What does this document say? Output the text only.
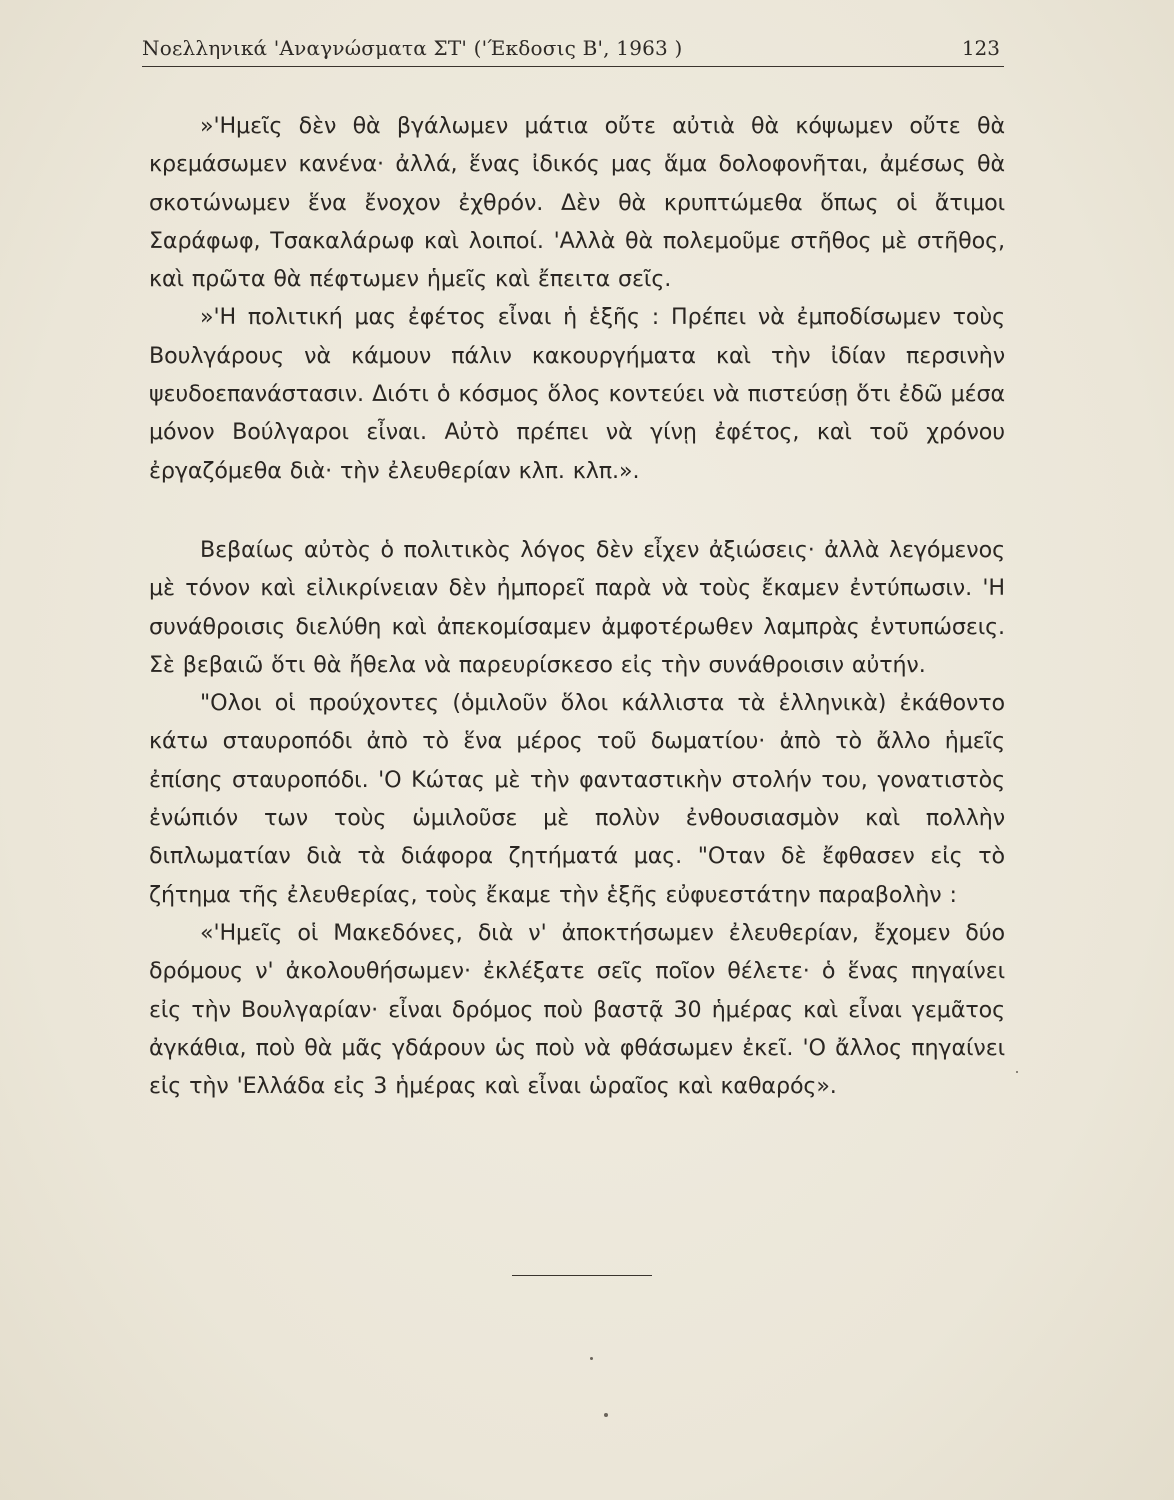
Νοελληνικά 'Αναγνώσματα ΣΤ' ('Έκδοσις Β', 1963 )	123

»'Ημεῖς δὲν θὰ βγάλωμεν μάτια οὔτε αὐτιὰ θὰ κόψωμεν οὔτε θὰ κρεμάσωμεν κανένα· ἀλλά, ἕνας ἰδικός μας ἅμα δολοφονῆται, ἀμέσως θὰ σκοτώνωμεν ἕνα ἔνοχον ἐχθρόν. Δὲν θὰ κρυπτώμεθα ὅπως οἱ ἄτιμοι Σαράφωφ, Τσακαλάρωφ καὶ λοιποί. 'Αλλὰ θὰ πολεμοῦμε στῆθος μὲ στῆθος, καὶ πρῶτα θὰ πέφτωμεν ἡμεῖς καὶ ἔπειτα σεῖς.

»'Η πολιτική μας ἐφέτος εἶναι ἡ ἑξῆς : Πρέπει νὰ ἐμποδίσωμεν τοὺς Βουλγάρους νὰ κάμουν πάλιν κακουργήματα καὶ τὴν ἰδίαν περσινὴν ψευδοεπανάστασιν. Διότι ὁ κόσμος ὅλος κοντεύει νὰ πιστεύσῃ ὅτι ἐδῶ μέσα μόνον Βούλγαροι εἶναι. Αὐτὸ πρέπει νὰ γίνῃ ἐφέτος, καὶ τοῦ χρόνου ἐργαζόμεθα διὰ· τὴν ἐλευθερίαν κλπ. κλπ.».

Βεβαίως αὐτὸς ὁ πολιτικὸς λόγος δὲν εἶχεν ἀξιώσεις· ἀλλὰ λεγόμενος μὲ τόνον καὶ εἰλικρίνειαν δὲν ἠμπορεῖ παρὰ νὰ τοὺς ἔκαμεν ἐντύπωσιν. 'Η συνάθροισις διελύθη καὶ ἀπεκομίσαμεν ἀμφοτέρωθεν λαμπρὰς ἐντυπώσεις. Σὲ βεβαιῶ ὅτι θὰ ἤθελα νὰ παρευρίσκεσο εἰς τὴν συνάθροισιν αὐτήν.

"Ολοι οἱ προύχοντες (ὁμιλοῦν ὅλοι κάλλιστα τὰ ἑλληνικὰ) ἐκάθοντο κάτω σταυροπόδι ἀπὸ τὸ ἕνα μέρος τοῦ δωματίου· ἀπὸ τὸ ἄλλο ἡμεῖς ἐπίσης σταυροπόδι. 'Ο Κώτας μὲ τὴν φανταστικὴν στολήν του, γονατιστὸς ἐνώπιόν των τοὺς ὡμιλοῦσε μὲ πολὺν ἐνθουσιασμὸν καὶ πολλὴν διπλωματίαν διὰ τὰ διάφορα ζητήματά μας. "Οταν δὲ ἔφθασεν εἰς τὸ ζήτημα τῆς ἐλευθερίας, τοὺς ἔκαμε τὴν ἑξῆς εὐφυεστάτην παραβολὴν :

«'Ημεῖς οἱ Μακεδόνες, διὰ ν' ἀποκτήσωμεν ἐλευθερίαν, ἔχομεν δύο δρόμους ν' ἀκολουθήσωμεν· ἐκλέξατε σεῖς ποῖον θέλετε· ὁ ἕνας πηγαίνει εἰς τὴν Βουλγαρίαν· εἶναι δρόμος ποὺ βαστᾷ 30 ἡμέρας καὶ εἶναι γεμᾶτος ἀγκάθια, ποὺ θὰ μᾶς γδάρουν ὡς ποὺ νὰ φθάσωμεν ἐκεῖ. 'Ο ἄλλος πηγαίνει εἰς τὴν 'Ελλάδα εἰς 3 ἡμέρας καὶ εἶναι ὡραῖος καὶ καθαρός».
